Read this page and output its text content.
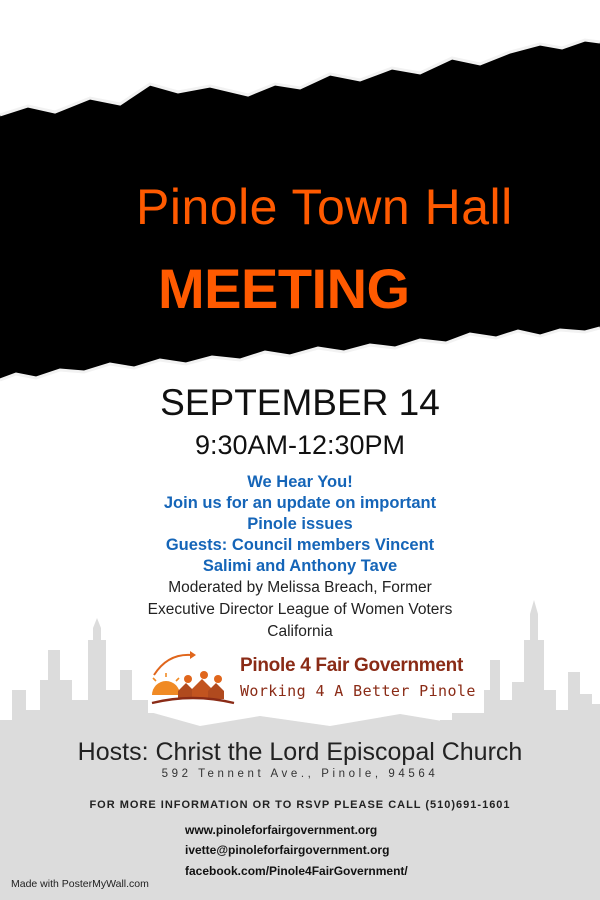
Pinole Town Hall
MEETING

SEPTEMBER 14

9:30AM-12:30PM

We Hear You!

Join us for an update on important

Pinole issues

Guests: Council members Vincent

Salimi and Anthony Tave

Moderated by Melissa Breach, Former

Executive Director League of Women Voters

California

Pinole 4 Fair Government

Working 4 A Better Pinole

Hosts: Christ the Lord Episcopal Church

592 Tennent Ave., Pinole, 94564

FOR MORE INFORMATION OR TO RSVP PLEASE CALL (510)691-1601

www.pinoleforfairgovernment.org

ivette@pinoleforfairgovernment.org

facebook.com/Pinole4FairGovernment/

Made with PosterMyWall.com
